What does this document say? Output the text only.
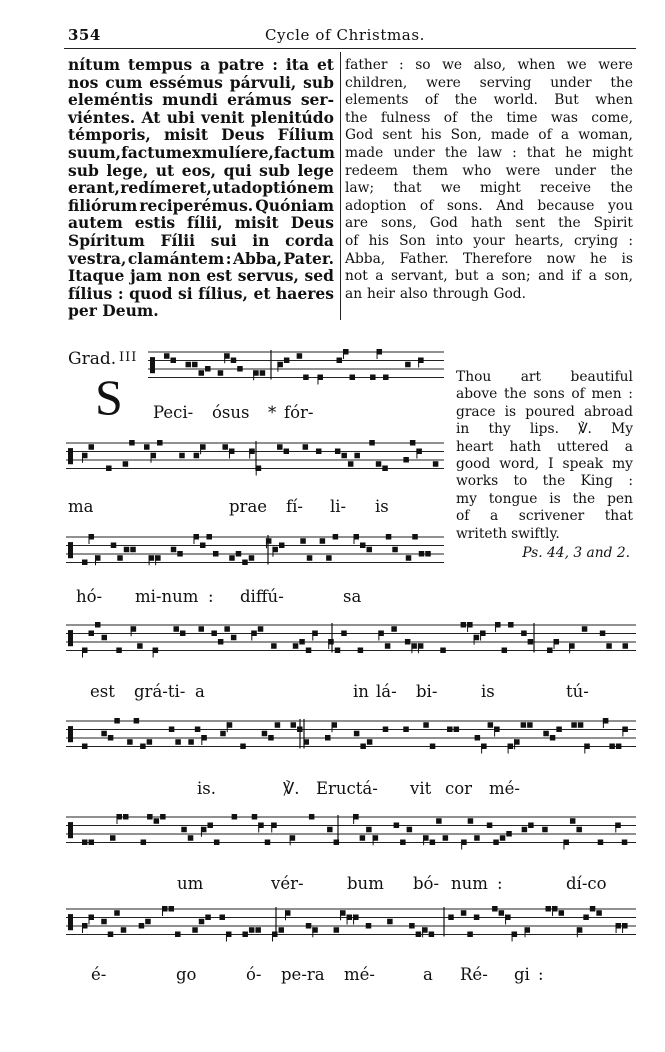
354	Cycle of Christmas.
nítum tempus a patre : ita et
nos cum essémus párvuli, sub
eleméntis mundi erámus ser-
viéntes. At ubi venit plenitúdo
témporis, misit Deus Fílium
suum, factum ex mulíere, factum
sub lege, ut eos, qui sub lege
erant, redímeret, ut adoptiónem
filiórum reciperémus. Quóniam
autem estis fílii, misit Deus
Spíritum Fílii sui in corda
vestra, clamántem : Abba, Pater.
Itaque jam non est servus, sed
fílius : quod si fílius, et haeres
per Deum.
father : so we also, when we were
children, were serving under the
elements of the world. But when
the fulness of the time was come,
God sent his Son, made of a woman,
made under the law : that he might
redeem them who were under the
law; that we might receive the
adoption of sons. And because you
are sons, God hath sent the Spirit
of his Son into your hearts, crying :
Abba, Father. Therefore now he is
not a servant, but a son; and if a son,
an heir also through God.
Grad. III
S	Thou art beautiful
above the sons of men :
grace is poured abroad
in thy lips. ℣. My
heart hath uttered a
good word, I speak my
works to the King :
my tongue is the pen
of a scrivener that
writeth swiftly.
Ps. 44, 3 and 2.
Peci- ósus * fór-
ma	prae fí- li- is
hó- mi-num : diffú-	sa
est grá-ti- a	in lá- bi-	is	tú-
is.	℣. Eructá- vit cor mé-
um	vér-	bum bó- num :	dí-co
é-	go	ó- pe-ra mé-	a Ré- gi :
